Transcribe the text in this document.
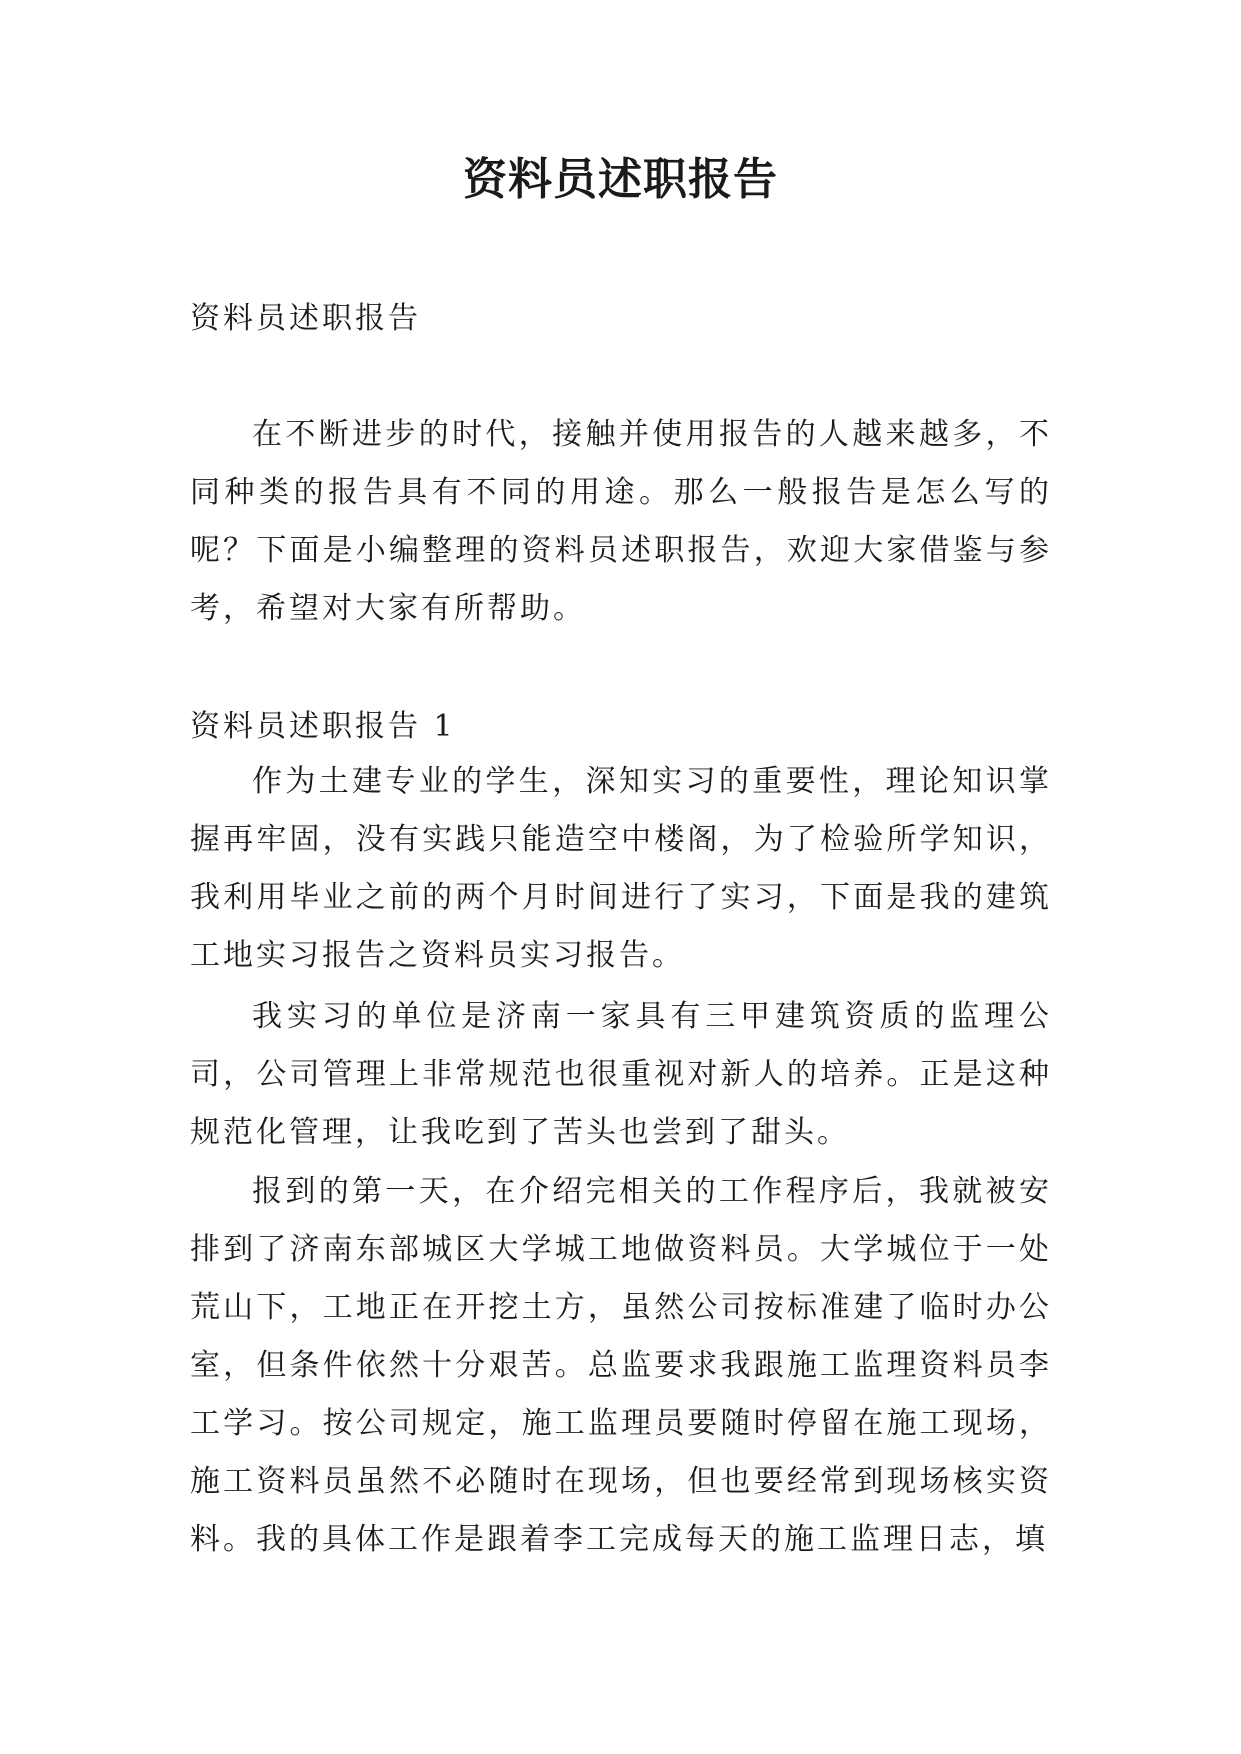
资料员述职报告

资料员述职报告

在不断进步的时代，接触并使用报告的人越来越多，不同种类的报告具有不同的用途。那么一般报告是怎么写的呢？下面是小编整理的资料员述职报告，欢迎大家借鉴与参考，希望对大家有所帮助。

资料员述职报告 1

作为土建专业的学生，深知实习的重要性，理论知识掌握再牢固，没有实践只能造空中楼阁，为了检验所学知识，我利用毕业之前的两个月时间进行了实习，下面是我的建筑工地实习报告之资料员实习报告。

我实习的单位是济南一家具有三甲建筑资质的监理公司，公司管理上非常规范也很重视对新人的培养。正是这种规范化管理，让我吃到了苦头也尝到了甜头。

报到的第一天，在介绍完相关的工作程序后，我就被安排到了济南东部城区大学城工地做资料员。大学城位于一处荒山下，工地正在开挖土方，虽然公司按标准建了临时办公室，但条件依然十分艰苦。总监要求我跟施工监理资料员李工学习。按公司规定，施工监理员要随时停留在施工现场，施工资料员虽然不必随时在现场，但也要经常到现场核实资料。我的具体工作是跟着李工完成每天的施工监理日志，填
